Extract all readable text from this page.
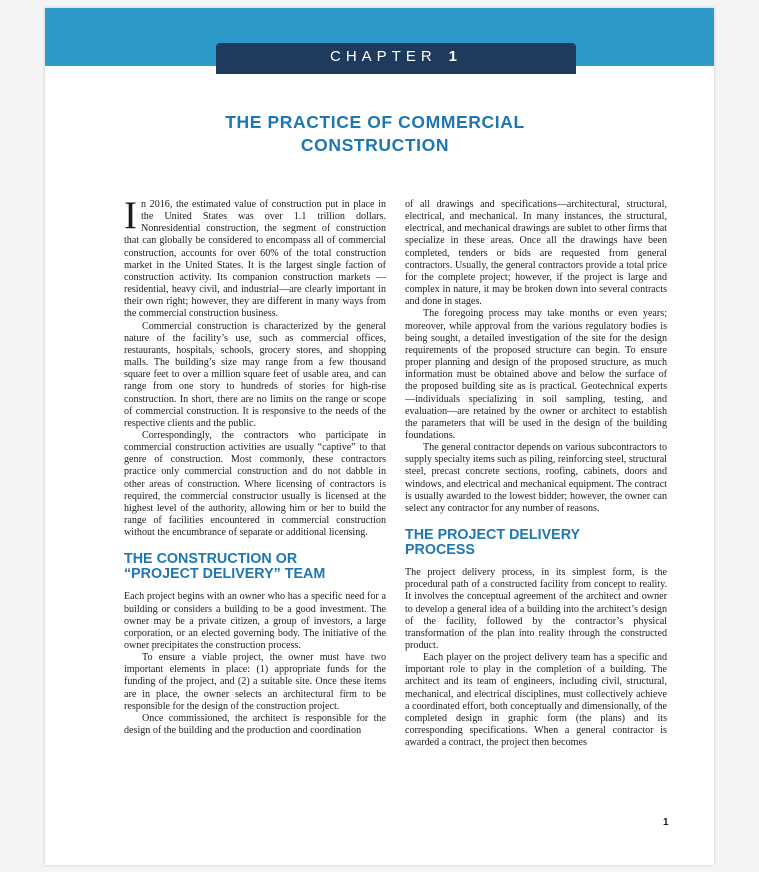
CHAPTER 1
THE PRACTICE OF COMMERCIAL
CONSTRUCTION

In 2016, the estimated value of construction put in place in the United States was over 1.1 trillion dollars. Nonresidential construction, the segment of construction that can globally be considered to encompass all of commercial construction, accounts for over 60% of the total construction market in the United States. It is the largest single faction of construction activity. Its companion construction markets —residential, heavy civil, and industrial—are clearly important in their own right; however, they are different in many ways from the commercial construction business.

Commercial construction is characterized by the general nature of the facility’s use, such as commercial offices, restaurants, hospitals, schools, grocery stores, and shopping malls. The building’s size may range from a few thousand square feet to over a million square feet of usable area, and can range from one story to hundreds of stories for high-rise construction. In short, there are no limits on the range or scope of commercial construction. It is responsive to the needs of the respective clients and the public.

Correspondingly, the contractors who participate in commercial construction activities are usually “captive” to that genre of construction. Most commonly, these contractors practice only commercial construction and do not dabble in other areas of construction. Where licensing of contractors is required, the commercial constructor usually is licensed at the highest level of the authority, allowing him or her to build the range of facilities encountered in commercial construction without the encumbrance of separate or additional licensing.

THE CONSTRUCTION OR
“PROJECT DELIVERY” TEAM

Each project begins with an owner who has a specific need for a building or considers a building to be a good investment. The owner may be a private citizen, a group of investors, a large corporation, or an elected governing body. The initiative of the owner precipitates the construction process.

To ensure a viable project, the owner must have two important elements in place: (1) appropriate funds for the funding of the project, and (2) a suitable site. Once these items are in place, the owner selects an architectural firm to be responsible for the design of the construction project.

Once commissioned, the architect is responsible for the design of the building and the production and coordination

of all drawings and specifications—architectural, structural, electrical, and mechanical. In many instances, the structural, electrical, and mechanical drawings are sublet to other firms that specialize in these areas. Once all the drawings have been completed, tenders or bids are requested from general contractors. Usually, the general contractors provide a total price for the complete project; however, if the project is large and complex in nature, it may be broken down into several contracts and done in stages.

The foregoing process may take months or even years; moreover, while approval from the various regulatory bodies is being sought, a detailed investigation of the site for the design requirements of the proposed structure can begin. To ensure proper planning and design of the proposed structure, as much information must be obtained above and below the surface of the proposed building site as is practical. Geotechnical experts—individuals specializing in soil sampling, testing, and evaluation—are retained by the owner or architect to establish the parameters that will be used in the design of the building foundations.

The general contractor depends on various subcontractors to supply specialty items such as piling, reinforcing steel, structural steel, precast concrete sections, roofing, cabinets, doors and windows, and electrical and mechanical equipment. The contract is usually awarded to the lowest bidder; however, the owner can select any contractor for any number of reasons.

THE PROJECT DELIVERY
PROCESS

The project delivery process, in its simplest form, is the procedural path of a constructed facility from concept to reality. It involves the conceptual agreement of the architect and owner to develop a general idea of a building into the architect’s design of the facility, followed by the contractor’s physical transformation of the plan into reality through the constructed product.

Each player on the project delivery team has a specific and important role to play in the completion of a building. The architect and its team of engineers, including civil, structural, mechanical, and electrical disciplines, must collectively achieve a coordinated effort, both conceptually and dimensionally, of the completed design in graphic form (the plans) and its corresponding specifications. When a general contractor is awarded a contract, the project then becomes

1
